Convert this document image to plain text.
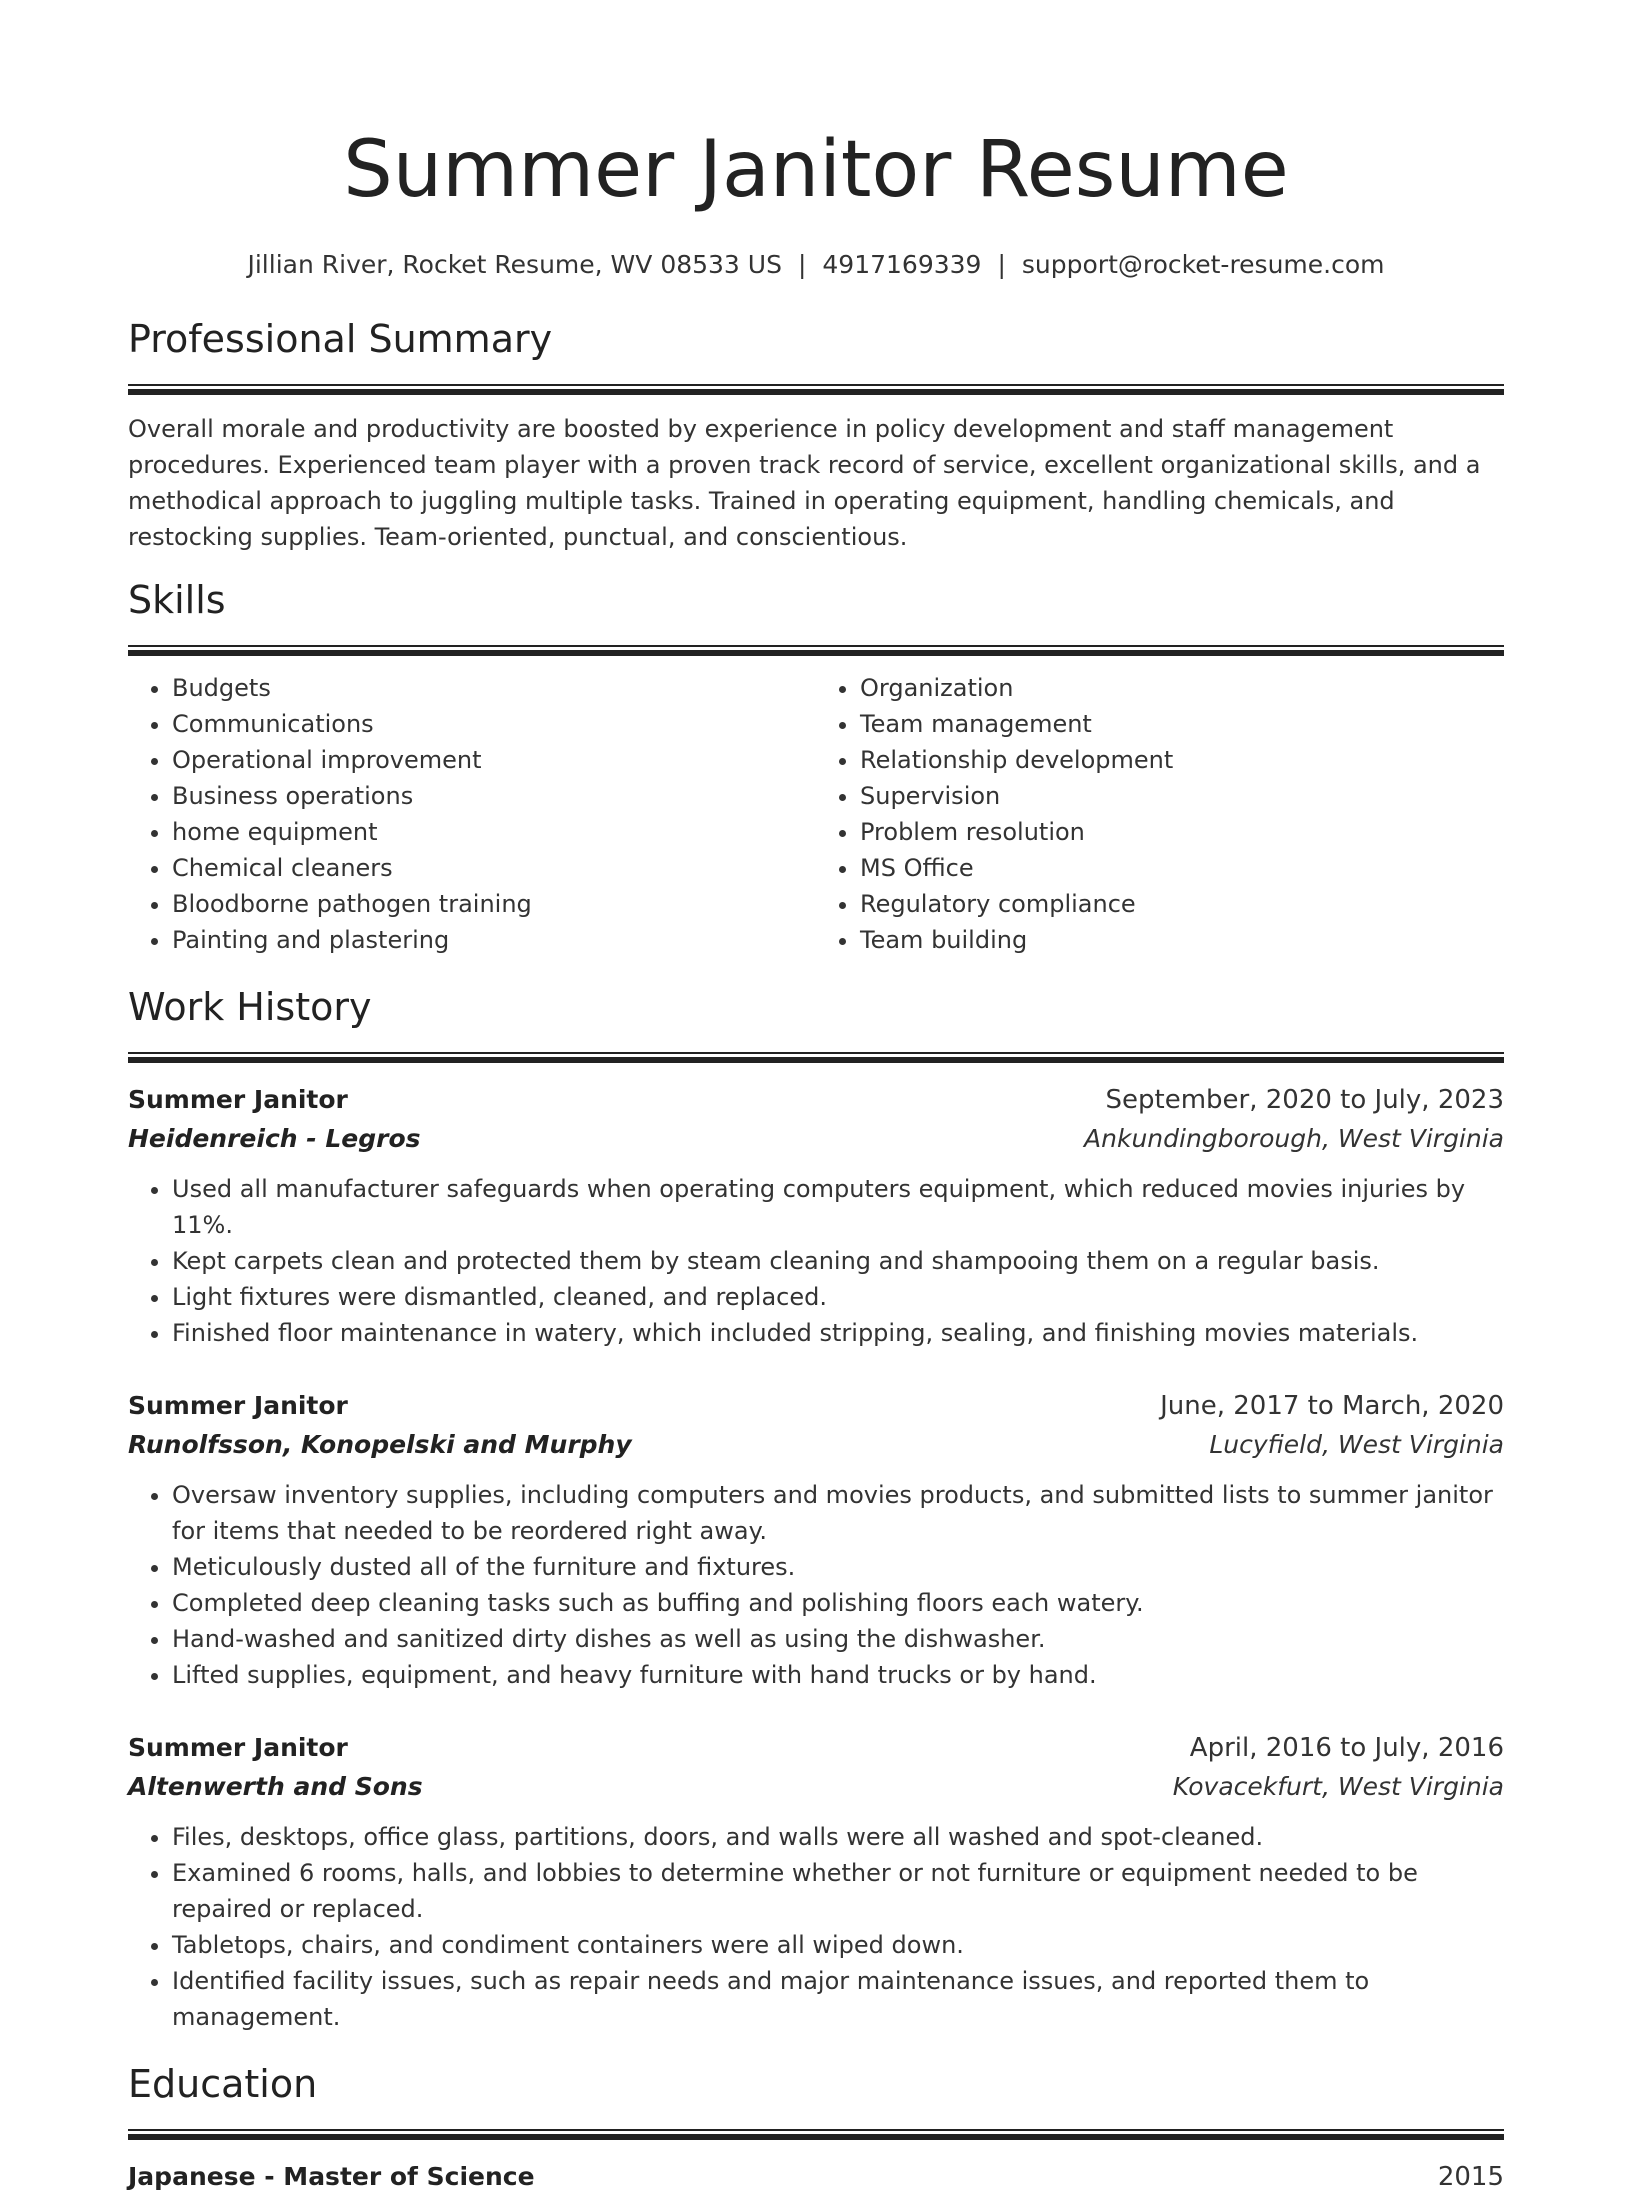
Summer Janitor Resume
Jillian River, Rocket Resume, WV 08533 US | 4917169339 | support@rocket-resume.com
Professional Summary

Overall morale and productivity are boosted by experience in policy development and staff management procedures. Experienced team player with a proven track record of service, excellent organizational skills, and a methodical approach to juggling multiple tasks. Trained in operating equipment, handling chemicals, and restocking supplies. Team-oriented, punctual, and conscientious.

Skills
• Budgets
• Communications
• Operational improvement
• Business operations
• home equipment
• Chemical cleaners
• Bloodborne pathogen training
• Painting and plastering
• Organization
• Team management
• Relationship development
• Supervision
• Problem resolution
• MS Office
• Regulatory compliance
• Team building
Work History
Summer Janitor	September, 2020 to July, 2023
Heidenreich - Legros	Ankundingborough, West Virginia
• Used all manufacturer safeguards when operating computers equipment, which reduced movies injuries by 11%.
• Kept carpets clean and protected them by steam cleaning and shampooing them on a regular basis.
• Light fixtures were dismantled, cleaned, and replaced.
• Finished floor maintenance in watery, which included stripping, sealing, and finishing movies materials.
Summer Janitor	June, 2017 to March, 2020
Runolfsson, Konopelski and Murphy	Lucyfield, West Virginia
• Oversaw inventory supplies, including computers and movies products, and submitted lists to summer janitor for items that needed to be reordered right away.
• Meticulously dusted all of the furniture and fixtures.
• Completed deep cleaning tasks such as buffing and polishing floors each watery.
• Hand-washed and sanitized dirty dishes as well as using the dishwasher.
• Lifted supplies, equipment, and heavy furniture with hand trucks or by hand.
Summer Janitor	April, 2016 to July, 2016
Altenwerth and Sons	Kovacekfurt, West Virginia
• Files, desktops, office glass, partitions, doors, and walls were all washed and spot-cleaned.
• Examined 6 rooms, halls, and lobbies to determine whether or not furniture or equipment needed to be repaired or replaced.
• Tabletops, chairs, and condiment containers were all wiped down.
• Identified facility issues, such as repair needs and major maintenance issues, and reported them to management.
Education
Japanese - Master of Science	2015
